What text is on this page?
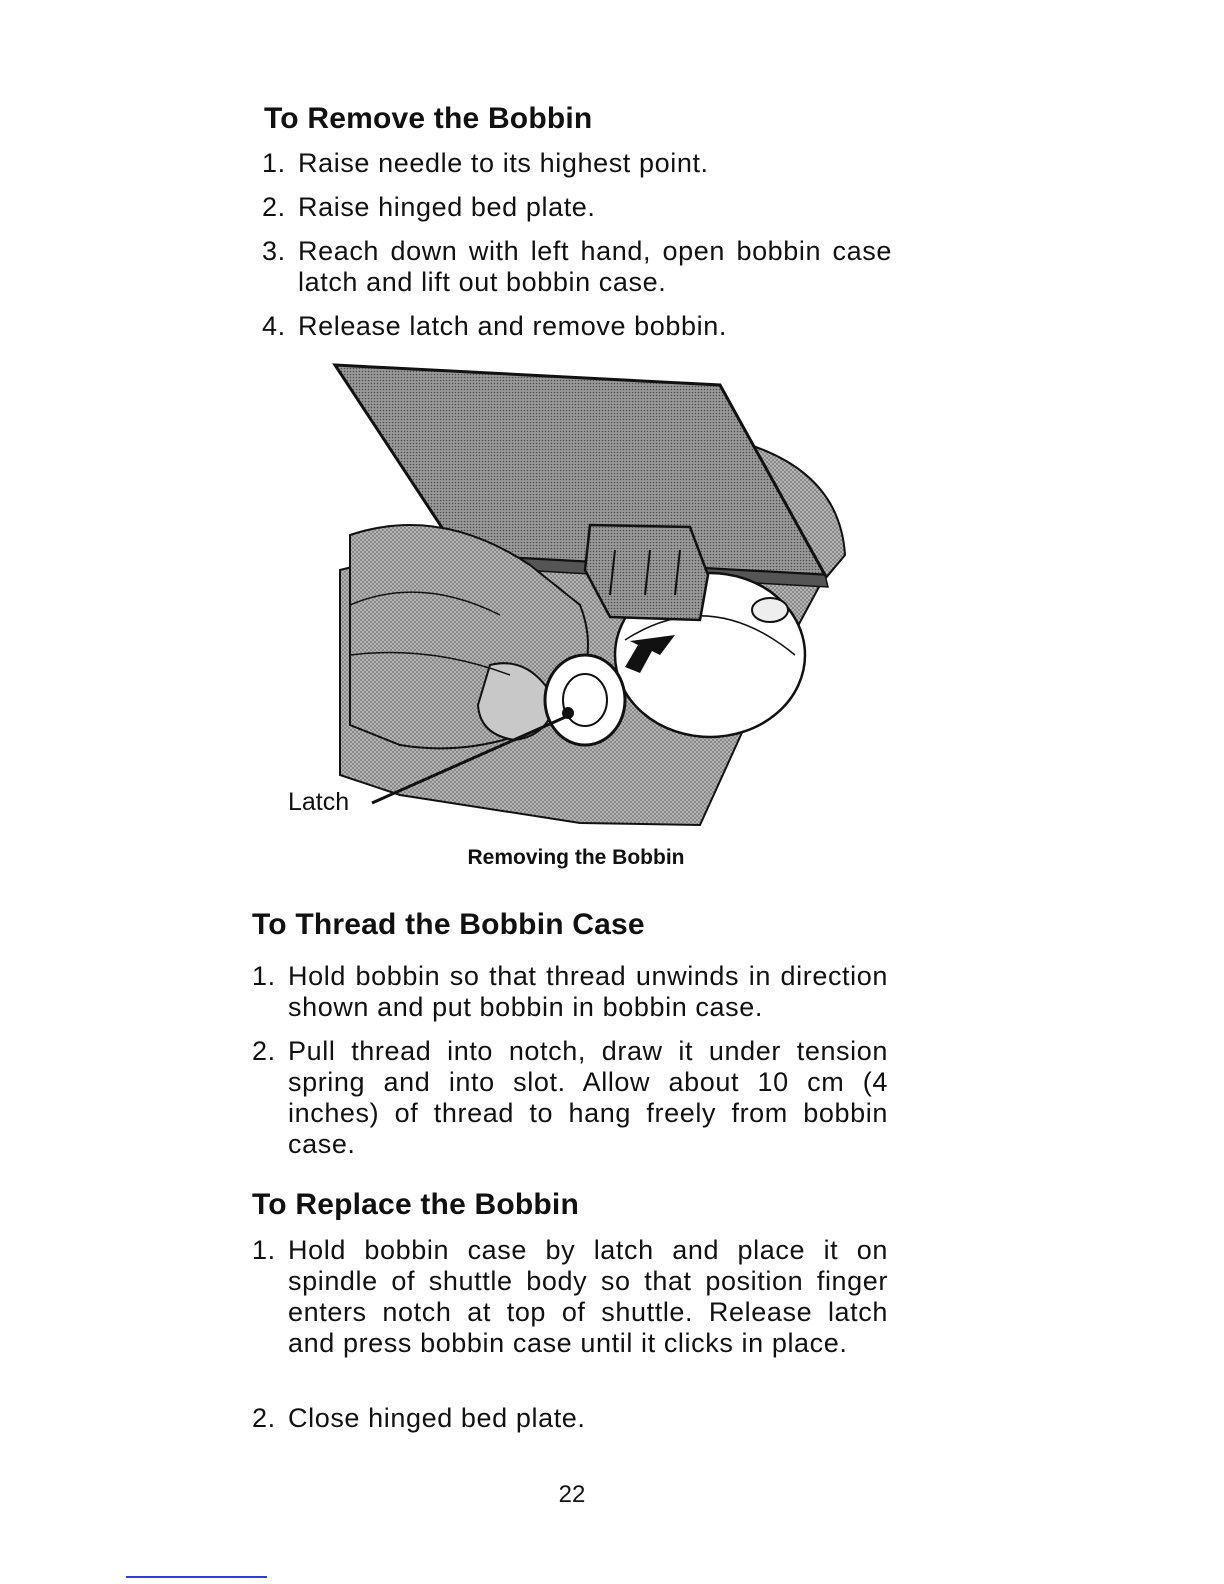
To Remove the Bobbin
1. Raise needle to its highest point.
2. Raise hinged bed plate.
3. Reach down with left hand, open bobbin case latch and lift out bobbin case.
4. Release latch and remove bobbin.
Latch
Removing the Bobbin
To Thread the Bobbin Case
1. Hold bobbin so that thread unwinds in direction shown and put bobbin in bobbin case.
2. Pull thread into notch, draw it under tension spring and into slot. Allow about 10 cm (4 inches) of thread to hang freely from bobbin case.
To Replace the Bobbin
1. Hold bobbin case by latch and place it on spindle of shuttle body so that position finger enters notch at top of shuttle. Release latch and press bobbin case until it clicks in place.
2. Close hinged bed plate.
22
